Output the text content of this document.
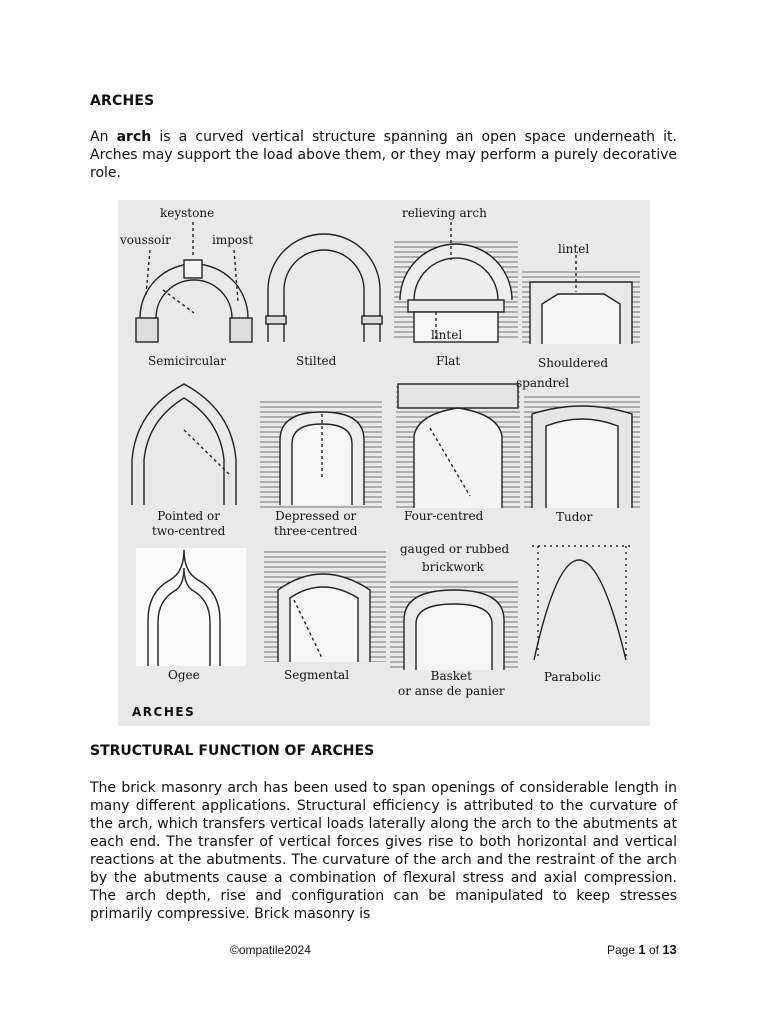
ARCHES

An arch is a curved vertical structure spanning an open space underneath it. Arches may support the load above them, or they may perform a purely decorative role.

keystone
voussoir	impost
relieving arch
lintel
lintel
spandrel
gauged or rubbed
brickwork
Semicircular	Stilted	Flat	Shouldered
Pointed or
two-centred
Depressed or
three-centred
Four-centred	Tudor
Ogee	Segmental	Basket
or anse de panier
Parabolic
ARCHES
STRUCTURAL FUNCTION OF ARCHES

The brick masonry arch has been used to span openings of considerable length in many different applications. Structural efficiency is attributed to the curvature of the arch, which transfers vertical loads laterally along the arch to the abutments at each end. The transfer of vertical forces gives rise to both horizontal and vertical reactions at the abutments. The curvature of the arch and the restraint of the arch by the abutments cause a combination of flexural stress and axial compression. The arch depth, rise and configuration can be manipulated to keep stresses primarily compressive. Brick masonry is

©ompatile2024	Page 1 of 13
